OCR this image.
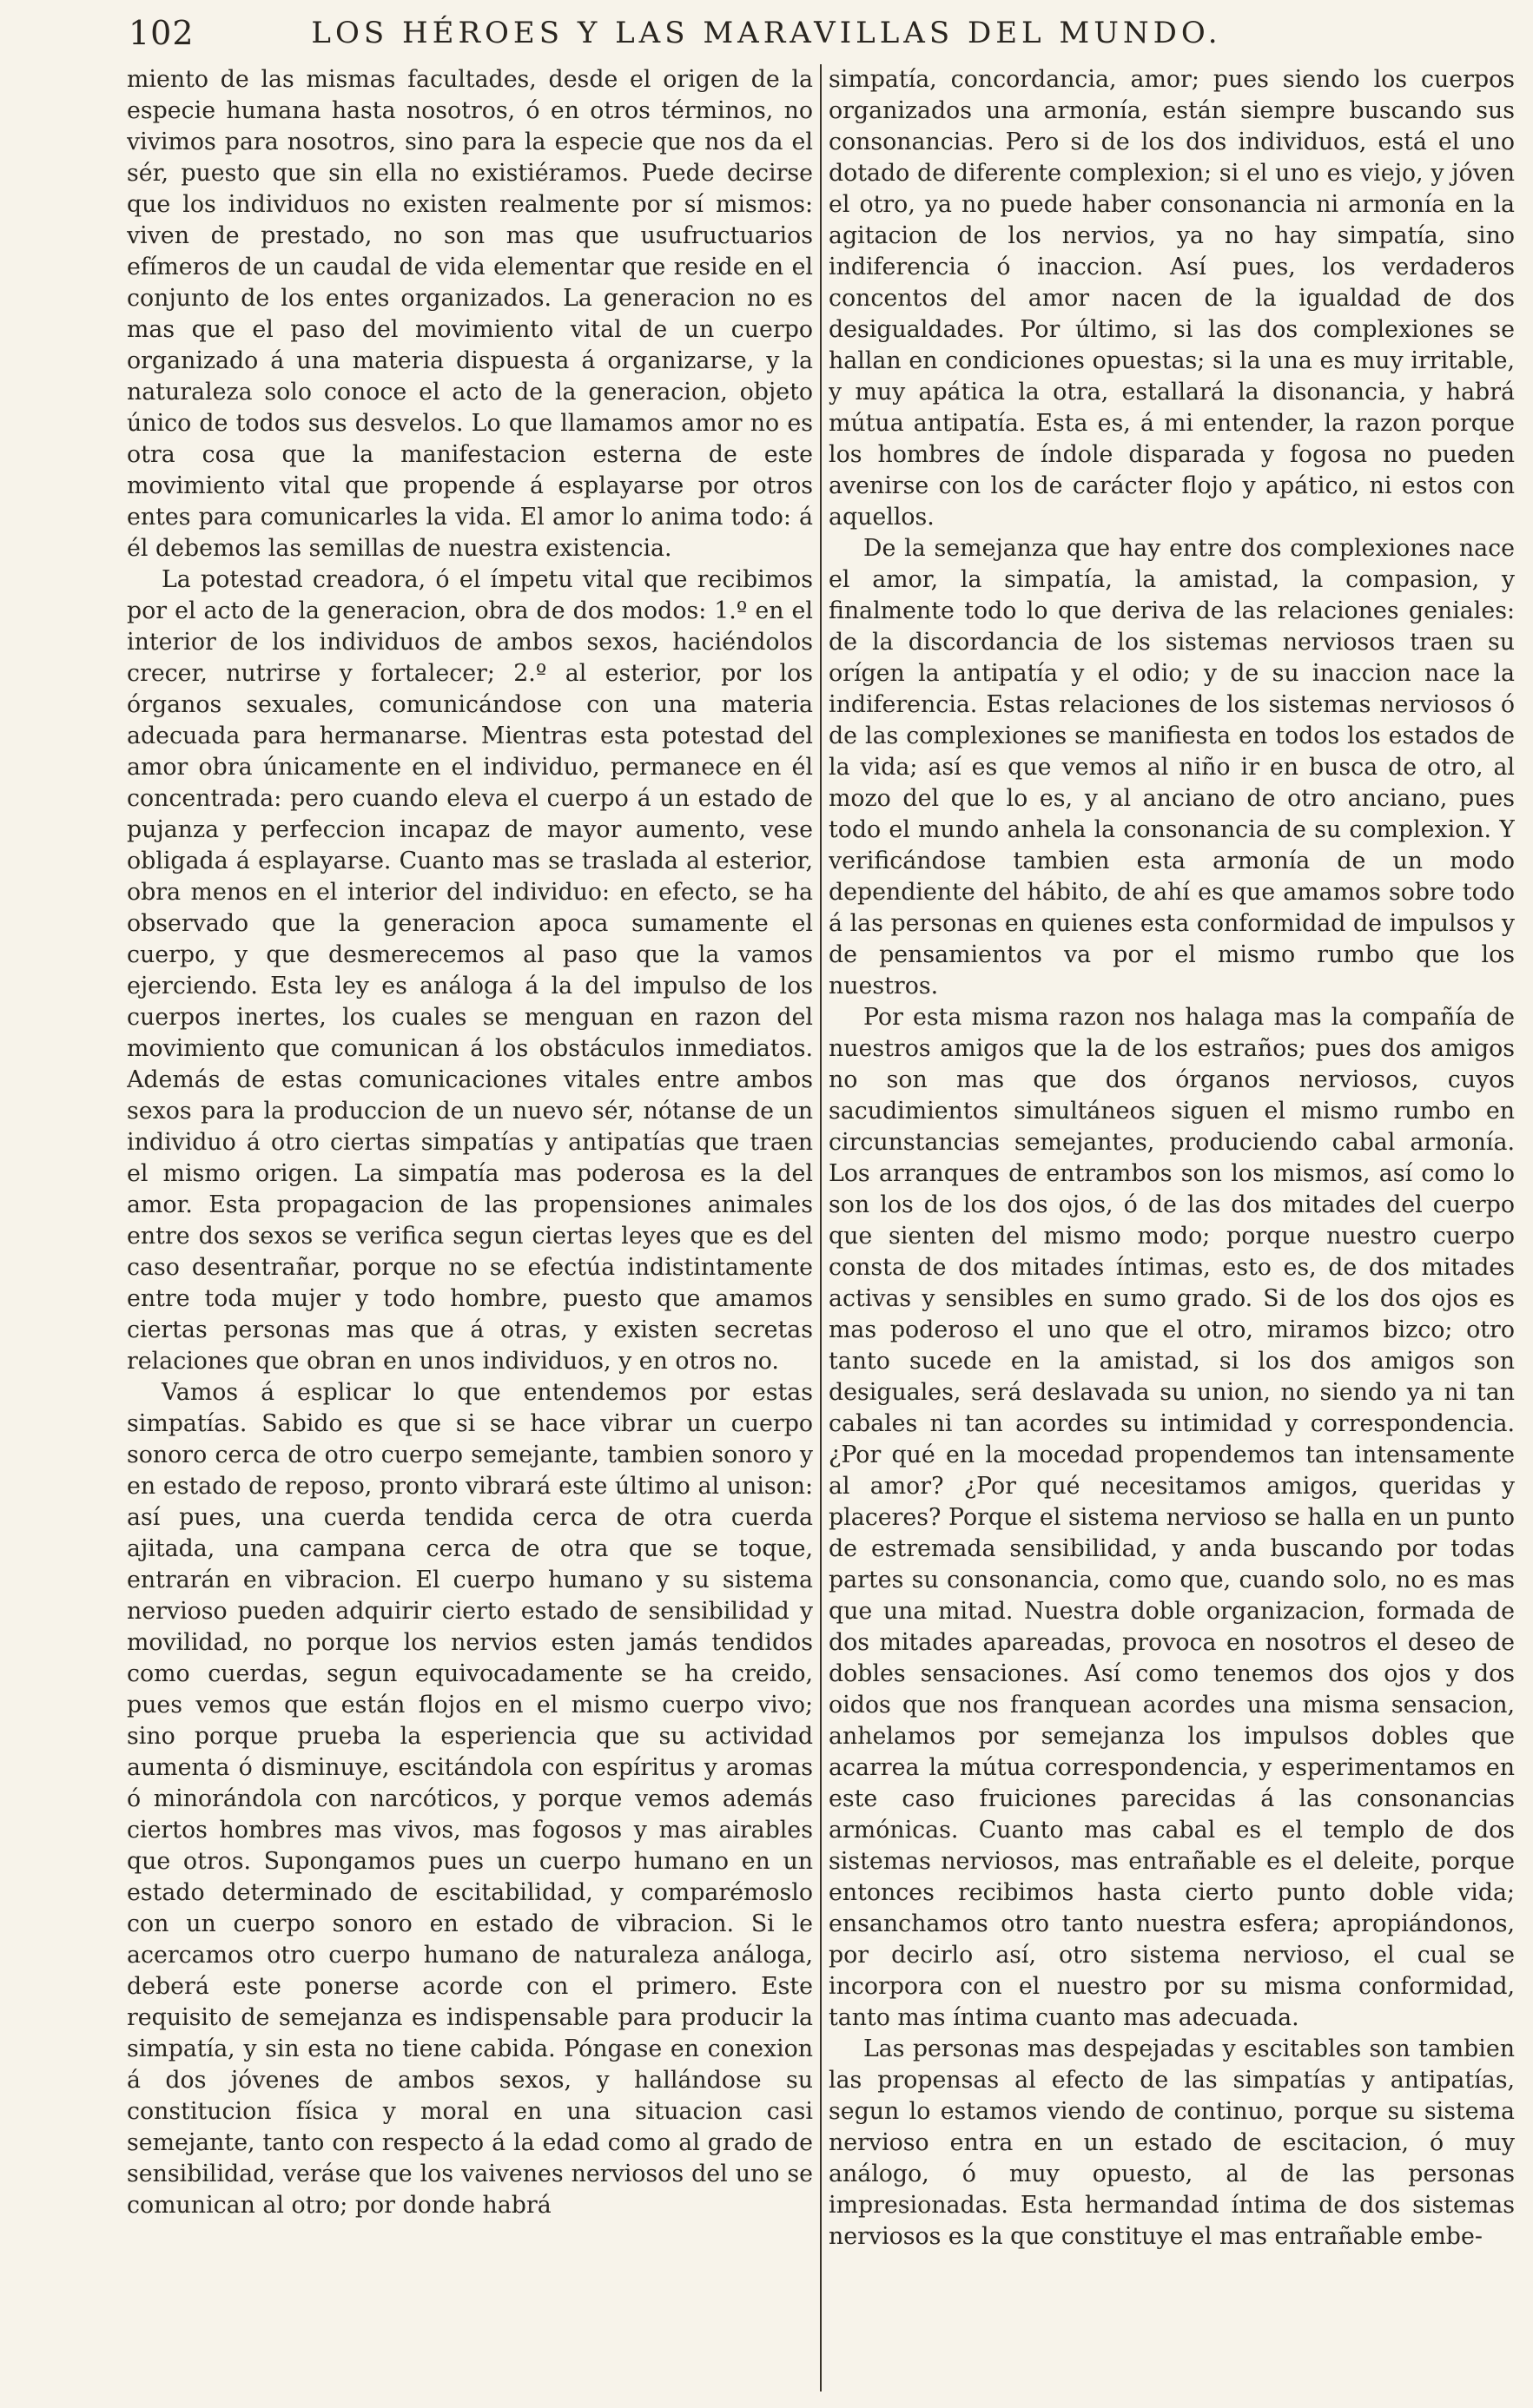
102	LOS HÉROES Y LAS MARAVILLAS DEL MUNDO.

miento de las mismas facultades, desde el origen de la especie humana hasta nosotros, ó en otros términos, no vivimos para nosotros, sino para la especie que nos da el sér, puesto que sin ella no existiéramos. Puede decirse que los individuos no existen realmente por sí mismos: viven de prestado, no son mas que usufructuarios efímeros de un caudal de vida elementar que reside en el conjunto de los entes organizados. La generacion no es mas que el paso del movimiento vital de un cuerpo organizado á una materia dispuesta á organizarse, y la naturaleza solo conoce el acto de la generacion, objeto único de todos sus desvelos. Lo que llamamos amor no es otra cosa que la manifestacion esterna de este movimiento vital que propende á esplayarse por otros entes para comunicarles la vida. El amor lo anima todo: á él debemos las semillas de nuestra existencia.

La potestad creadora, ó el ímpetu vital que recibimos por el acto de la generacion, obra de dos modos: 1.º en el interior de los individuos de ambos sexos, haciéndolos crecer, nutrirse y fortalecer; 2.º al esterior, por los órganos sexuales, comunicándose con una materia adecuada para hermanarse. Mientras esta potestad del amor obra únicamente en el individuo, permanece en él concentrada: pero cuando eleva el cuerpo á un estado de pujanza y perfeccion incapaz de mayor aumento, vese obligada á esplayarse. Cuanto mas se traslada al esterior, obra menos en el interior del individuo: en efecto, se ha observado que la generacion apoca sumamente el cuerpo, y que desmerecemos al paso que la vamos ejerciendo. Esta ley es análoga á la del impulso de los cuerpos inertes, los cuales se menguan en razon del movimiento que comunican á los obstáculos inmediatos. Además de estas comunicaciones vitales entre ambos sexos para la produccion de un nuevo sér, nótanse de un individuo á otro ciertas simpatías y antipatías que traen el mismo origen. La simpatía mas poderosa es la del amor. Esta propagacion de las propensiones animales entre dos sexos se verifica segun ciertas leyes que es del caso desentrañar, porque no se efectúa indistintamente entre toda mujer y todo hombre, puesto que amamos ciertas personas mas que á otras, y existen secretas relaciones que obran en unos individuos, y en otros no.

Vamos á esplicar lo que entendemos por estas simpatías. Sabido es que si se hace vibrar un cuerpo sonoro cerca de otro cuerpo semejante, tambien sonoro y en estado de reposo, pronto vibrará este último al unison: así pues, una cuerda tendida cerca de otra cuerda ajitada, una campana cerca de otra que se toque, entrarán en vibracion. El cuerpo humano y su sistema nervioso pueden adquirir cierto estado de sensibilidad y movilidad, no porque los nervios esten jamás tendidos como cuerdas, segun equivocadamente se ha creido, pues vemos que están flojos en el mismo cuerpo vivo; sino porque prueba la esperiencia que su actividad aumenta ó disminuye, escitándola con espíritus y aromas ó minorándola con narcóticos, y porque vemos además ciertos hombres mas vivos, mas fogosos y mas airables que otros. Supongamos pues un cuerpo humano en un estado determinado de escitabilidad, y comparémoslo con un cuerpo sonoro en estado de vibracion. Si le acercamos otro cuerpo humano de naturaleza análoga, deberá este ponerse acorde con el primero. Este requisito de semejanza es indispensable para producir la simpatía, y sin esta no tiene cabida. Póngase en conexion á dos jóvenes de ambos sexos, y hallándose su constitucion física y moral en una situacion casi semejante, tanto con respecto á la edad como al grado de sensibilidad, veráse que los vaivenes nerviosos del uno se comunican al otro; por donde habrá

simpatía, concordancia, amor; pues siendo los cuerpos organizados una armonía, están siempre buscando sus consonancias. Pero si de los dos individuos, está el uno dotado de diferente complexion; si el uno es viejo, y jóven el otro, ya no puede haber consonancia ni armonía en la agitacion de los nervios, ya no hay simpatía, sino indiferencia ó inaccion. Así pues, los verdaderos concentos del amor nacen de la igualdad de dos desigualdades. Por último, si las dos complexiones se hallan en condiciones opuestas; si la una es muy irritable, y muy apática la otra, estallará la disonancia, y habrá mútua antipatía. Esta es, á mi entender, la razon porque los hombres de índole disparada y fogosa no pueden avenirse con los de carácter flojo y apático, ni estos con aquellos.

De la semejanza que hay entre dos complexiones nace el amor, la simpatía, la amistad, la compasion, y finalmente todo lo que deriva de las relaciones geniales: de la discordancia de los sistemas nerviosos traen su orígen la antipatía y el odio; y de su inaccion nace la indiferencia. Estas relaciones de los sistemas nerviosos ó de las complexiones se manifiesta en todos los estados de la vida; así es que vemos al niño ir en busca de otro, al mozo del que lo es, y al anciano de otro anciano, pues todo el mundo anhela la consonancia de su complexion. Y verificándose tambien esta armonía de un modo dependiente del hábito, de ahí es que amamos sobre todo á las personas en quienes esta conformidad de impulsos y de pensamientos va por el mismo rumbo que los nuestros.

Por esta misma razon nos halaga mas la compañía de nuestros amigos que la de los estraños; pues dos amigos no son mas que dos órganos nerviosos, cuyos sacudimientos simultáneos siguen el mismo rumbo en circunstancias semejantes, produciendo cabal armonía. Los arranques de entrambos son los mismos, así como lo son los de los dos ojos, ó de las dos mitades del cuerpo que sienten del mismo modo; porque nuestro cuerpo consta de dos mitades íntimas, esto es, de dos mitades activas y sensibles en sumo grado. Si de los dos ojos es mas poderoso el uno que el otro, miramos bizco; otro tanto sucede en la amistad, si los dos amigos son desiguales, será deslavada su union, no siendo ya ni tan cabales ni tan acordes su intimidad y correspondencia. ¿Por qué en la mocedad propendemos tan intensamente al amor? ¿Por qué necesitamos amigos, queridas y placeres? Porque el sistema nervioso se halla en un punto de estremada sensibilidad, y anda buscando por todas partes su consonancia, como que, cuando solo, no es mas que una mitad. Nuestra doble organizacion, formada de dos mitades apareadas, provoca en nosotros el deseo de dobles sensaciones. Así como tenemos dos ojos y dos oidos que nos franquean acordes una misma sensacion, anhelamos por semejanza los impulsos dobles que acarrea la mútua correspondencia, y esperimentamos en este caso fruiciones parecidas á las consonancias armónicas. Cuanto mas cabal es el templo de dos sistemas nerviosos, mas entrañable es el deleite, porque entonces recibimos hasta cierto punto doble vida; ensanchamos otro tanto nuestra esfera; apropiándonos, por decirlo así, otro sistema nervioso, el cual se incorpora con el nuestro por su misma conformidad, tanto mas íntima cuanto mas adecuada.

Las personas mas despejadas y escitables son tambien las propensas al efecto de las simpatías y antipatías, segun lo estamos viendo de continuo, porque su sistema nervioso entra en un estado de escitacion, ó muy análogo, ó muy opuesto, al de las personas impresionadas. Esta hermandad íntima de dos sistemas nerviosos es la que constituye el mas entrañable embe-
